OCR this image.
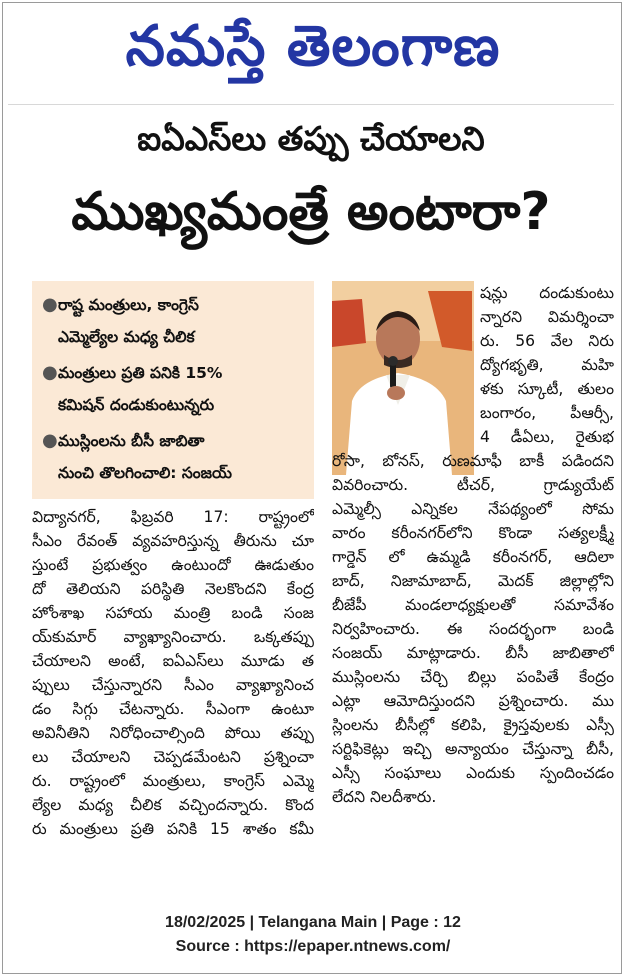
నమస్తే తెలంగాణ
ఐఏఎస్‌లు తప్పు చేయాలని
ముఖ్యమంత్రే అంటారా?
● రాష్ట మంత్రులు, కాంగ్రెస్
ఎమ్మెల్యేల మధ్య చీలిక
● మంత్రులు ప్రతి పనికి 15%
కమిషన్ దండుకుంటున్నరు
● ముస్లింలను బీసీ జాబితా
నుంచి తొలగించాలి: సంజయ్
విద్యానగర్, ఫిబ్రవరి 17: రాష్ట్రంలో
సీఎం రేవంత్ వ్యవహరిస్తున్న తీరును చూ
స్తుంటే ప్రభుత్వం ఉంటుందో ఊడుతుం
దో తెలియని పరిస్థితి నెలకొందని కేంద్ర
హోంశాఖ సహాయ మంత్రి బండి సంజ
య్‌కుమార్ వ్యాఖ్యానించారు. ఒక్కతప్పు
చేయాలని అంటే, ఐఏఎస్‌లు మూడు త
ప్పులు చేస్తున్నారని సీఎం వ్యాఖ్యానించ
డం సిగ్గు చేటన్నారు. సీఎంగా ఉంటూ
అవినీతిని నిరోధించాల్సింది పోయి తప్పు
లు చేయాలని చెప్పడమేంటని ప్రశ్నించా
రు. రాష్ట్రంలో మంత్రులు, కాంగ్రెస్ ఎమ్మె
ల్యేల మధ్య చీలిక వచ్చిందన్నారు. కొంద
రు మంత్రులు ప్రతి పనికి 15 శాతం కమీ
షన్లు దండుకుంటు
న్నారని విమర్శించా
రు. 56 వేల నిరు
ద్యోగభృతి, మహి
ళకు స్కూటీ, తులం
బంగారం, పీఆర్సీ,
4 డీఏలు, రైతుభ
రోసా, బోనస్, రుణమాఫీ బాకీ పడిందని
వివరించారు. టీచర్, గ్రాడ్యుయేట్
ఎమ్మెల్సీ ఎన్నికల నేపథ్యంలో సోమ
వారం కరీంనగర్‌లోని కొండా సత్యలక్ష్మీ
గార్డెన్ లో ఉమ్మడి కరీంనగర్, ఆదిలా
బాద్, నిజామాబాద్, మెదక్ జిల్లాల్లోని
బీజేపీ మండలాధ్యక్షులతో సమావేశం
నిర్వహించారు. ఈ సందర్భంగా బండి
సంజయ్ మాట్లాడారు. బీసీ జాబితాలో
ముస్లింలను చేర్చి బిల్లు పంపితే కేంద్రం
ఎట్లా ఆమోదిస్తుందని ప్రశ్నించారు. ము
స్లింలను బీసీల్లో కలిపి, క్రైస్తవులకు ఎస్సీ
సర్టిఫికెట్లు ఇచ్చి అన్యాయం చేస్తున్నా బీసీ,
ఎస్సీ సంఘాలు ఎందుకు స్పందించడం
లేదని నిలదీశారు.
18/02/2025 | Telangana Main | Page : 12
Source : https://epaper.ntnews.com/
